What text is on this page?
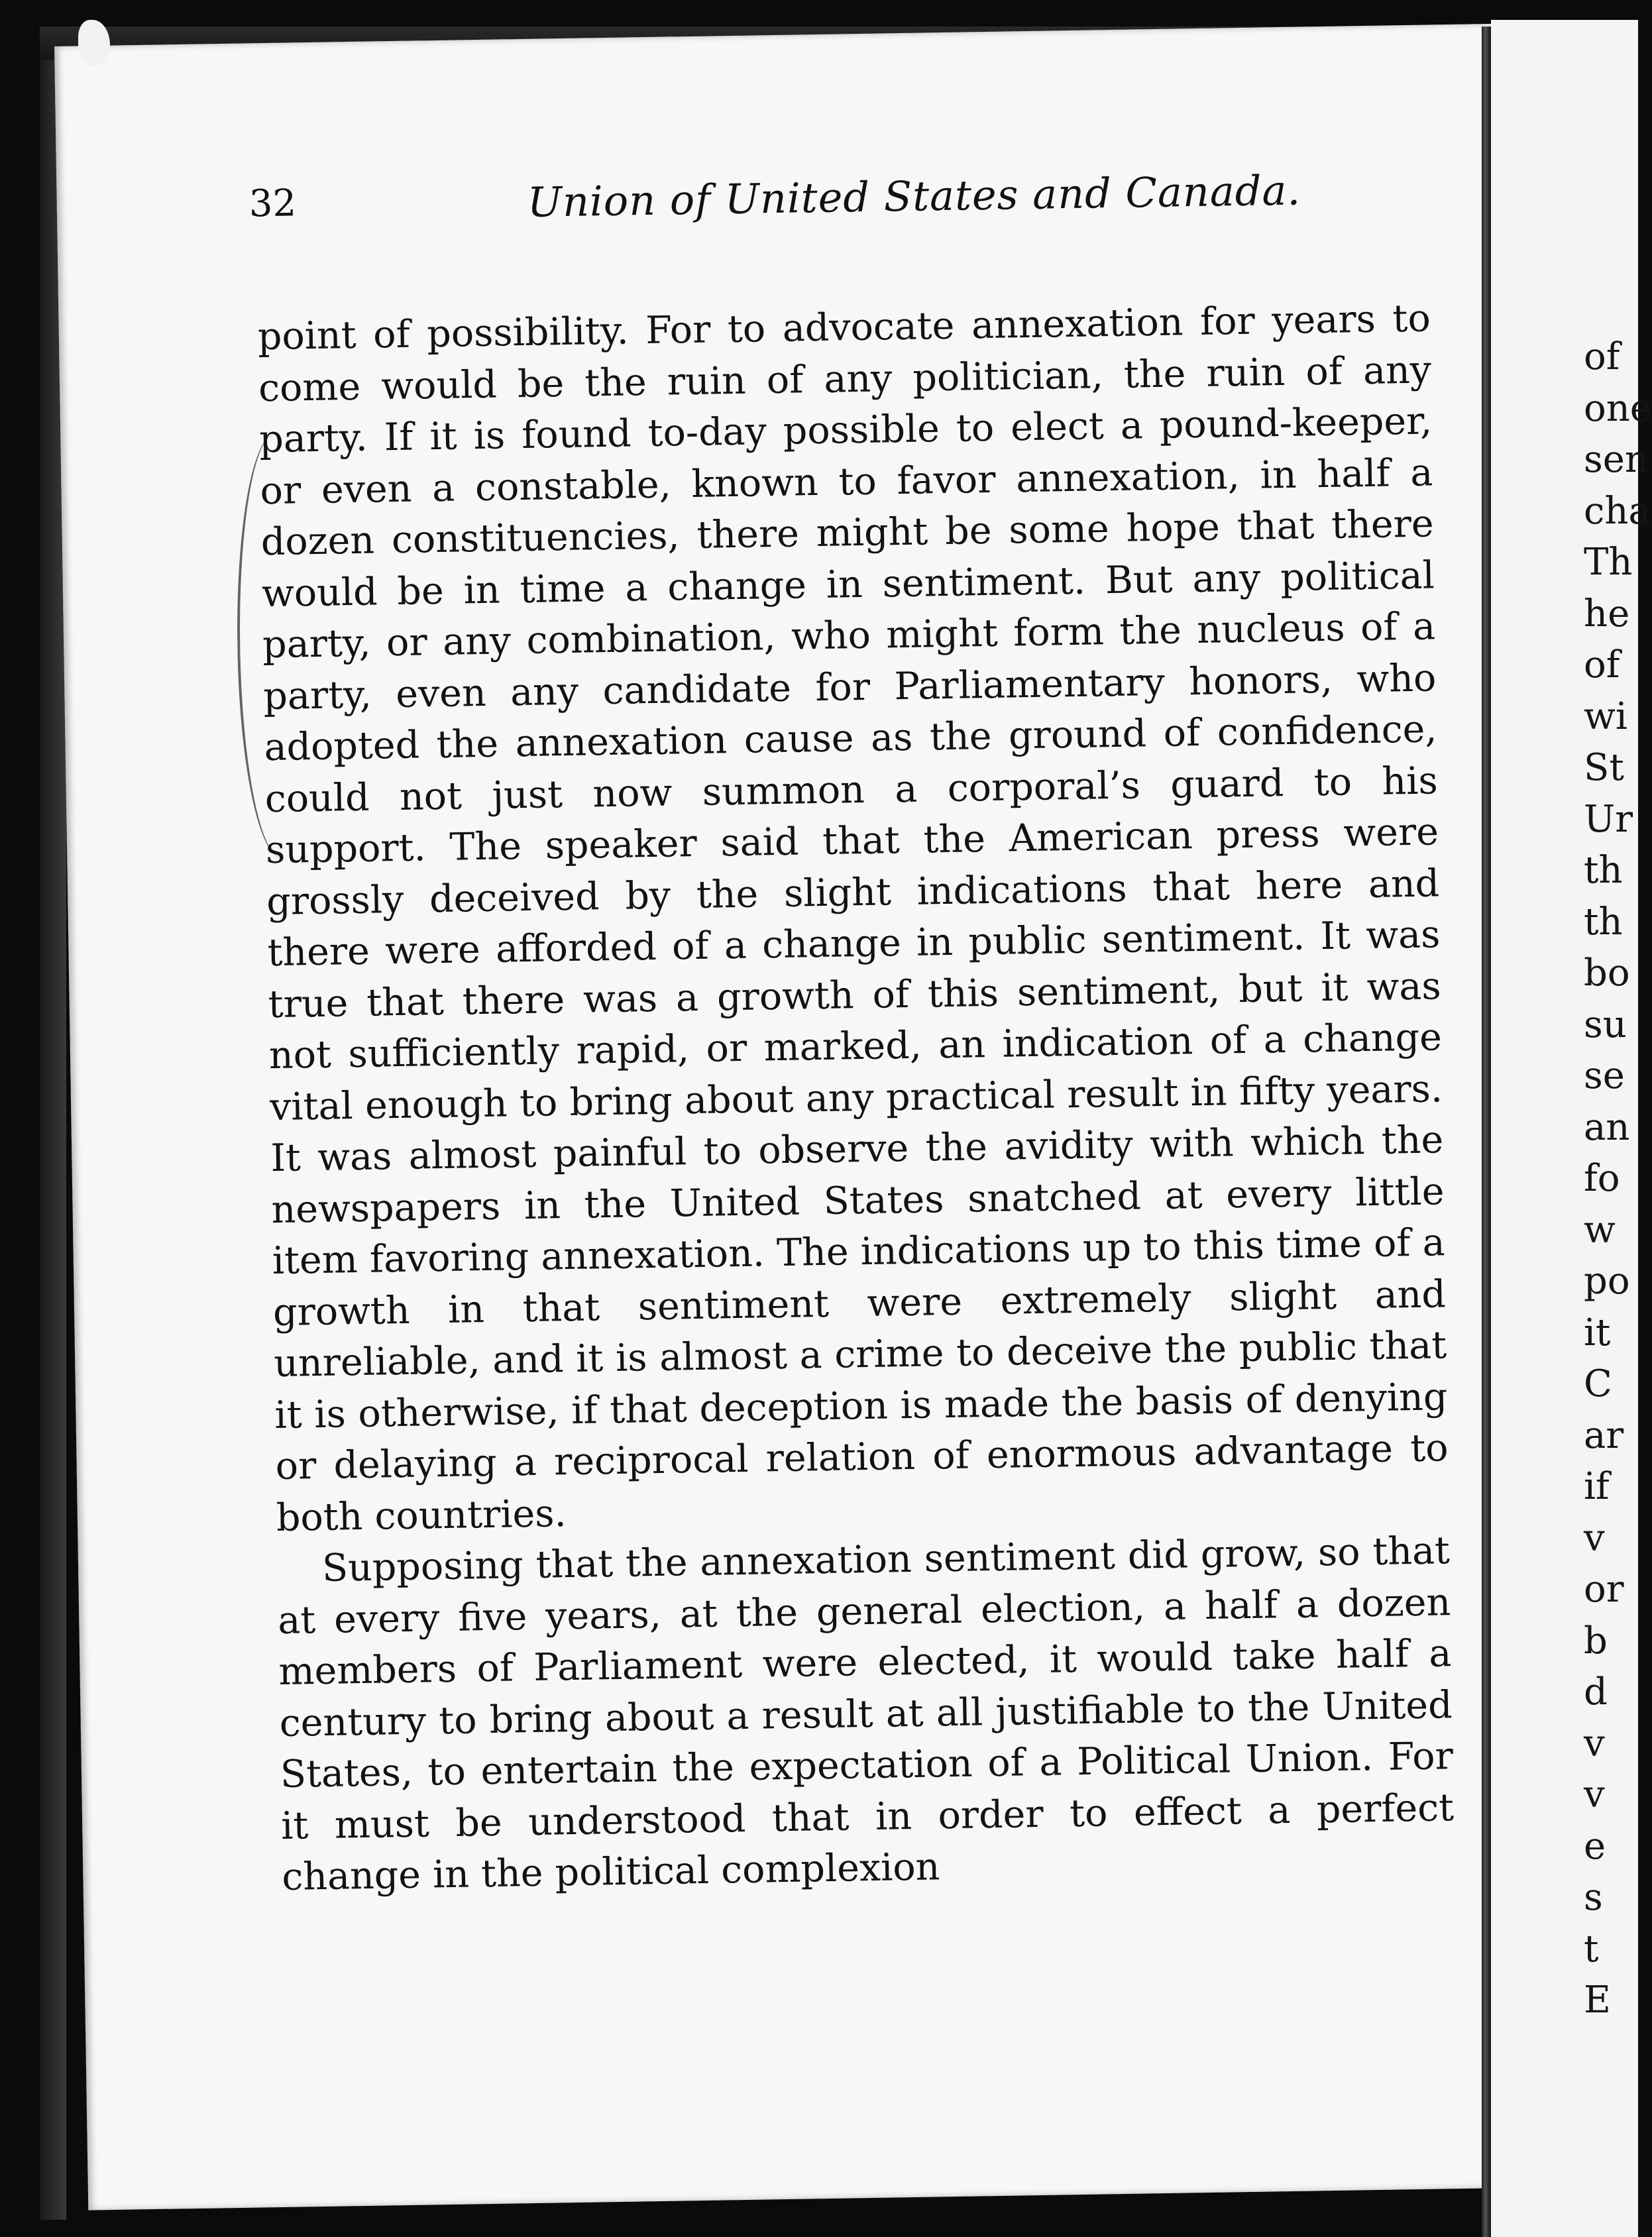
32	Union of United States and Canada.

point of possibility. For to advocate annexation for years to come would be the ruin of any politician, the ruin of any party. If it is found to-day possible to elect a pound-keeper, or even a constable, known to favor annexation, in half a dozen constituencies, there might be some hope that there would be in time a change in sentiment. But any political party, or any combination, who might form the nucleus of a party, even any candidate for Parliamentary honors, who adopted the annexation cause as the ground of confidence, could not just now summon a corporal’s guard to his support. The speaker said that the American press were grossly deceived by the slight indications that here and there were afforded of a change in public sentiment. It was true that there was a growth of this sentiment, but it was not sufficiently rapid, or marked, an indication of a change vital enough to bring about any practical result in fifty years. It was almost painful to observe the avidity with which the newspapers in the United States snatched at every little item favoring annexation. The indications up to this time of a growth in that sentiment were extremely slight and unreliable, and it is almost a crime to deceive the public that it is otherwise, if that deception is made the basis of denying or delaying a reciprocal relation of enormous advantage to both countries.

Supposing that the annexation sentiment did grow, so that at every five years, at the general election, a half a dozen members of Parliament were elected, it would take half a century to bring about a result at all justifiable to the United States, to entertain the expectation of a Political Union. For it must be understood that in order to effect a perfect change in the political complexion

of
one
sen
cha
Th
he
of
wi
St
Ur
th
th
bo
su
se
an
fo
w
po
it
C
ar
if
v
or
b
d
v
v
e
s
t
E
